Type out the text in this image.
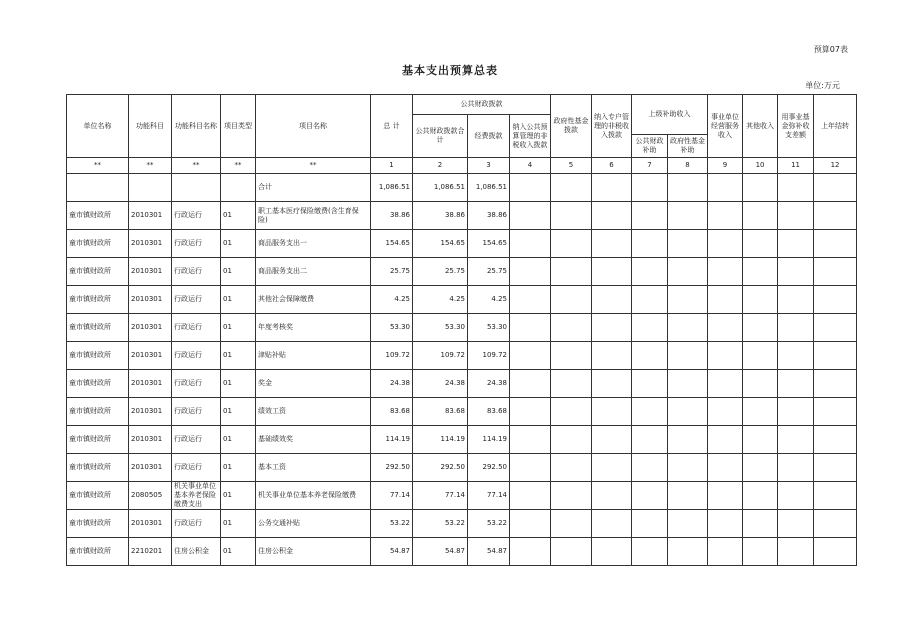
预算07表
基本支出预算总表
单位:万元
单位名称	功能科目	功能科目名称	项目类型	项目名称	总 计	公共财政拨款			政府性基金拨款	纳入专户管理的非税收入拨款	上级补助收入		事业单位经营服务收入	其他收入	用事业基金弥补收支差额	上年结转
						公共财政拨款合计	经费拨款	纳入公共预算管理的非税收入拨款								
											公共财政补助	政府性基金补助				
**	**	**	**	**	1	2	3	4	5	6	7	8	9	10	11	12
				合计	1,086.51	1,086.51	1,086.51									
童市镇财政所	2010301	行政运行	01	职工基本医疗保险缴费(含生育保险)	38.86	38.86	38.86									
童市镇财政所	2010301	行政运行	01	商品服务支出一	154.65	154.65	154.65									
童市镇财政所	2010301	行政运行	01	商品服务支出二	25.75	25.75	25.75									
童市镇财政所	2010301	行政运行	01	其他社会保障缴费	4.25	4.25	4.25									
童市镇财政所	2010301	行政运行	01	年度考核奖	53.30	53.30	53.30									
童市镇财政所	2010301	行政运行	01	津贴补贴	109.72	109.72	109.72									
童市镇财政所	2010301	行政运行	01	奖金	24.38	24.38	24.38									
童市镇财政所	2010301	行政运行	01	绩效工资	83.68	83.68	83.68									
童市镇财政所	2010301	行政运行	01	基础绩效奖	114.19	114.19	114.19									
童市镇财政所	2010301	行政运行	01	基本工资	292.50	292.50	292.50									
童市镇财政所	2080505	机关事业单位基本养老保险缴费支出	01	机关事业单位基本养老保险缴费	77.14	77.14	77.14									
童市镇财政所	2010301	行政运行	01	公务交通补贴	53.22	53.22	53.22									
童市镇财政所	2210201	住房公积金	01	住房公积金	54.87	54.87	54.87									
